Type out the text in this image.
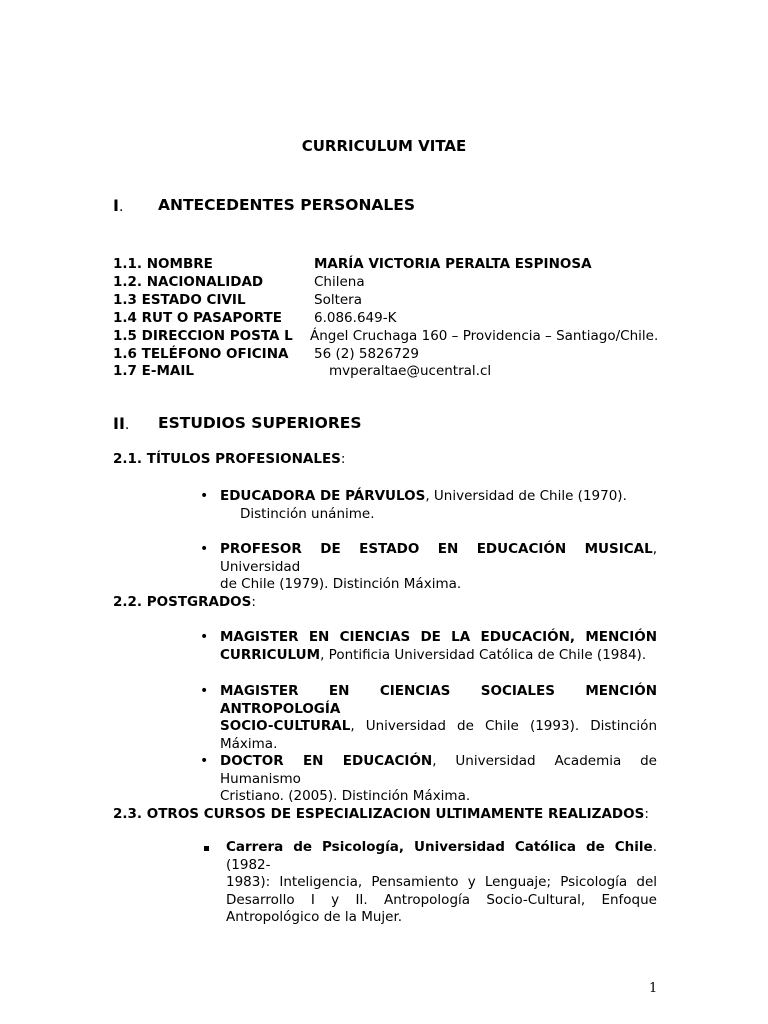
CURRICULUM VITAE
I. ANTECEDENTES PERSONALES
1.1. NOMBRE	MARÍA VICTORIA PERALTA ESPINOSA
1.2. NACIONALIDAD	Chilena
1.3 ESTADO CIVIL	Soltera
1.4 RUT O PASAPORTE 6.086.649-K
1.5 DIRECCION POSTA L Ángel Cruchaga 160 – Providencia – Santiago/Chile.
1.6 TELÉFONO OFICINA 56 (2) 5826729
1.7 E-MAIL	mvperaltae@ucentral.cl
II. ESTUDIOS SUPERIORES
2.1. TÍTULOS PROFESIONALES:
• EDUCADORA DE PÁRVULOS, Universidad de Chile (1970).
Distinción unánime.
• PROFESOR DE ESTADO EN EDUCACIÓN MUSICAL, Universidad
de Chile (1979). Distinción Máxima.
2.2. POSTGRADOS:
• MAGISTER EN CIENCIAS DE LA EDUCACIÓN, MENCIÓN
CURRICULUM, Pontificia Universidad Católica de Chile (1984).
• MAGISTER EN CIENCIAS SOCIALES MENCIÓN ANTROPOLOGÍA
SOCIO-CULTURAL, Universidad de Chile (1993). Distinción
Máxima.
• DOCTOR EN EDUCACIÓN, Universidad Academia de Humanismo
Cristiano. (2005). Distinción Máxima.
2.3. OTROS CURSOS DE ESPECIALIZACION ULTIMAMENTE REALIZADOS:
Carrera de Psicología, Universidad Católica de Chile. (1982-
1983): Inteligencia, Pensamiento y Lenguaje; Psicología del
Desarrollo I y II. Antropología Socio-Cultural, Enfoque
Antropológico de la Mujer.
1
